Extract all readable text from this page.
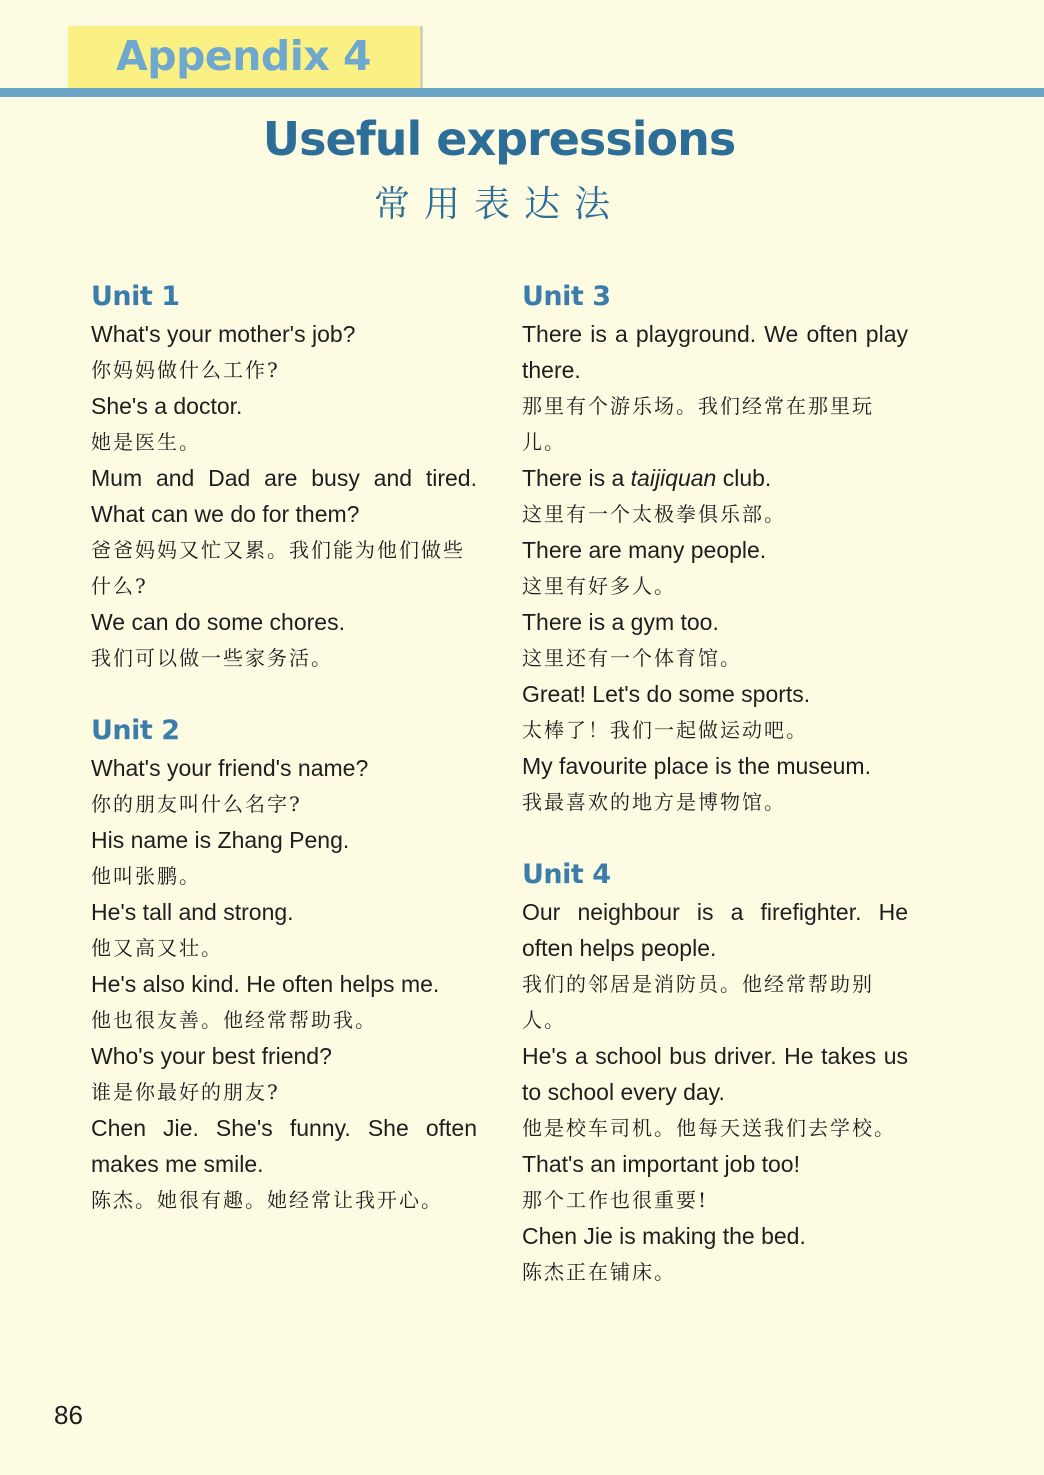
Appendix 4
Useful expressions
常用表达法
Unit 1

What's your mother's job?

你妈妈做什么工作?

She's a doctor.

她是医生。

Mum and Dad are busy and tired. What can we do for them?

爸爸妈妈又忙又累。我们能为他们做些什么?

We can do some chores.

我们可以做一些家务活。

Unit 2

What's your friend's name?

你的朋友叫什么名字?

His name is Zhang Peng.

他叫张鹏。

He's tall and strong.

他又高又壮。

He's also kind. He often helps me.

他也很友善。他经常帮助我。

Who's your best friend?

谁是你最好的朋友?

Chen Jie. She's funny. She often makes me smile.

陈杰。她很有趣。她经常让我开心。

Unit 3

There is a playground. We often play there.

那里有个游乐场。我们经常在那里玩儿。

There is a taijiquan club.

这里有一个太极拳俱乐部。

There are many people.

这里有好多人。

There is a gym too.

这里还有一个体育馆。

Great! Let's do some sports.

太棒了！我们一起做运动吧。

My favourite place is the museum.

我最喜欢的地方是博物馆。

Unit 4

Our neighbour is a firefighter. He often helps people.

我们的邻居是消防员。他经常帮助别人。

He's a school bus driver. He takes us to school every day.

他是校车司机。他每天送我们去学校。

That's an important job too!

那个工作也很重要!

Chen Jie is making the bed.

陈杰正在铺床。

86
